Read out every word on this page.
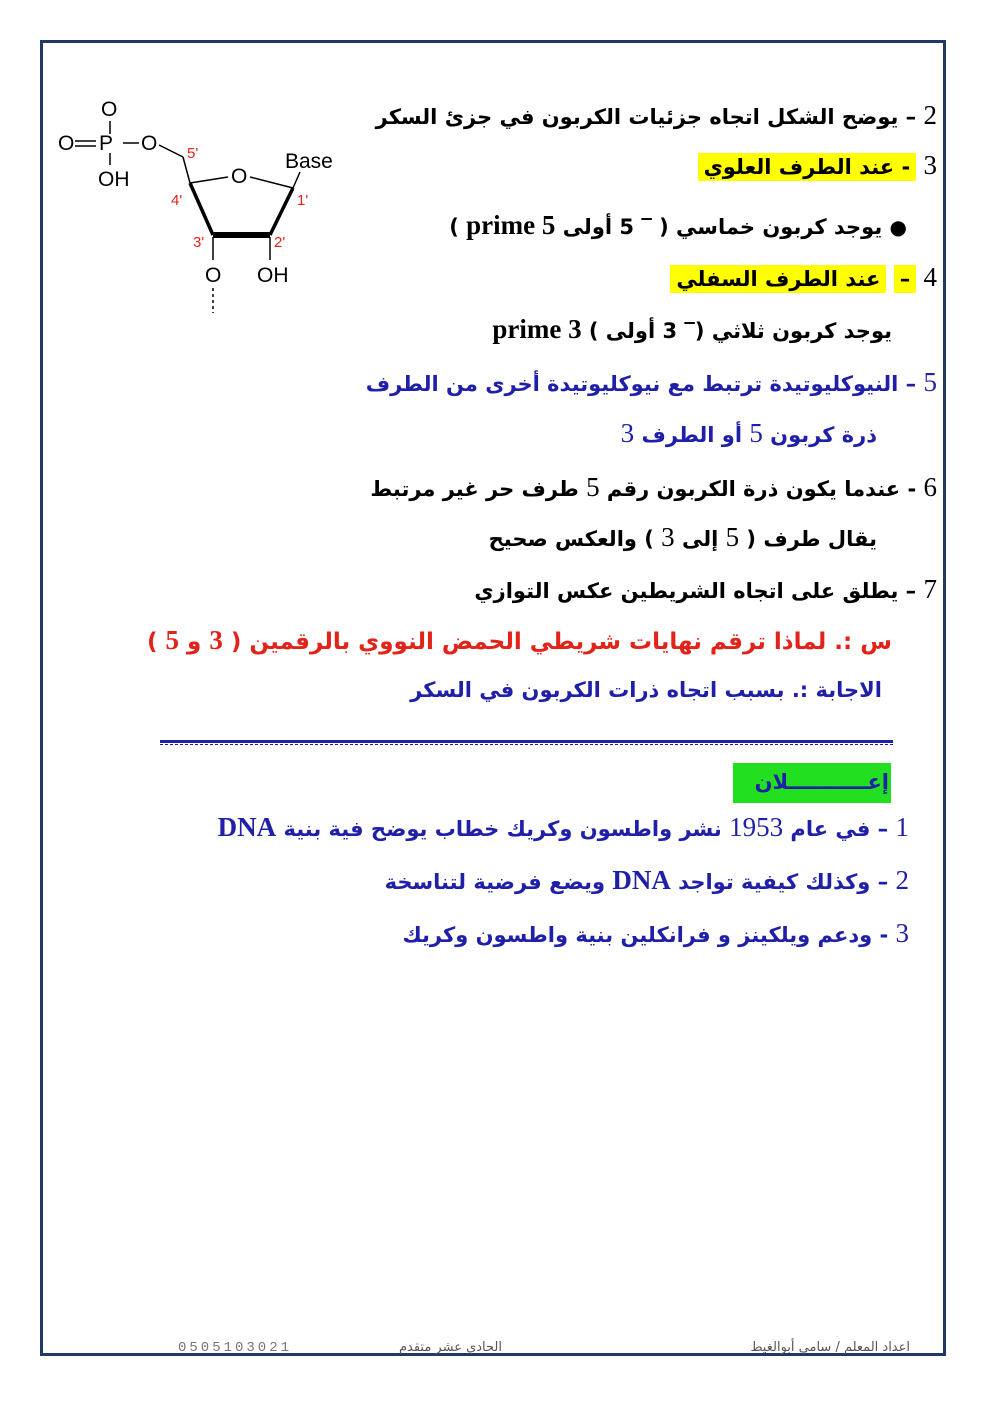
O
O P O
OH
5'
O
Base
4'	1'
3'	2'
O OH
2 – يوضح الشكل اتجاه جزئيات الكربون في جزئ السكر
3 - عند الطرف العلوي
● يوجد كربون خماسي ( ‾ 5 أولى 5 prime )
4 – عند الطرف السفلي
يوجد كربون ثلاثي (‾ 3 أولى ) 3 prime
5 – النيوكليوتيدة ترتبط مع نيوكليوتيدة أخرى من الطرف
ذرة كربون 5 أو الطرف 3
6 - عندما يكون ذرة الكربون رقم 5 طرف حر غير مرتبط
يقال طرف ( 5 إلى 3 ) والعكس صحيح
7 – يطلق على اتجاه الشريطين عكس التوازي
س :. لماذا ترقم نهايات شريطي الحمض النووي بالرقمين ( 3 و 5 )
الاجابة :. بسبب اتجاه ذرات الكربون في السكر
إعـــــــــــلان
1 – في عام 1953 نشر واطسون وكريك خطاب يوضح فية بنية DNA
2 – وكذلك كيفية تواجد DNA ويضع فرضية لتناسخة
3 - ودعم ويلكينز و فرانكلين بنية واطسون وكريك
اعداد المعلم / سامي أبوالغيط
الحادي عشر متقدم
0505103021
